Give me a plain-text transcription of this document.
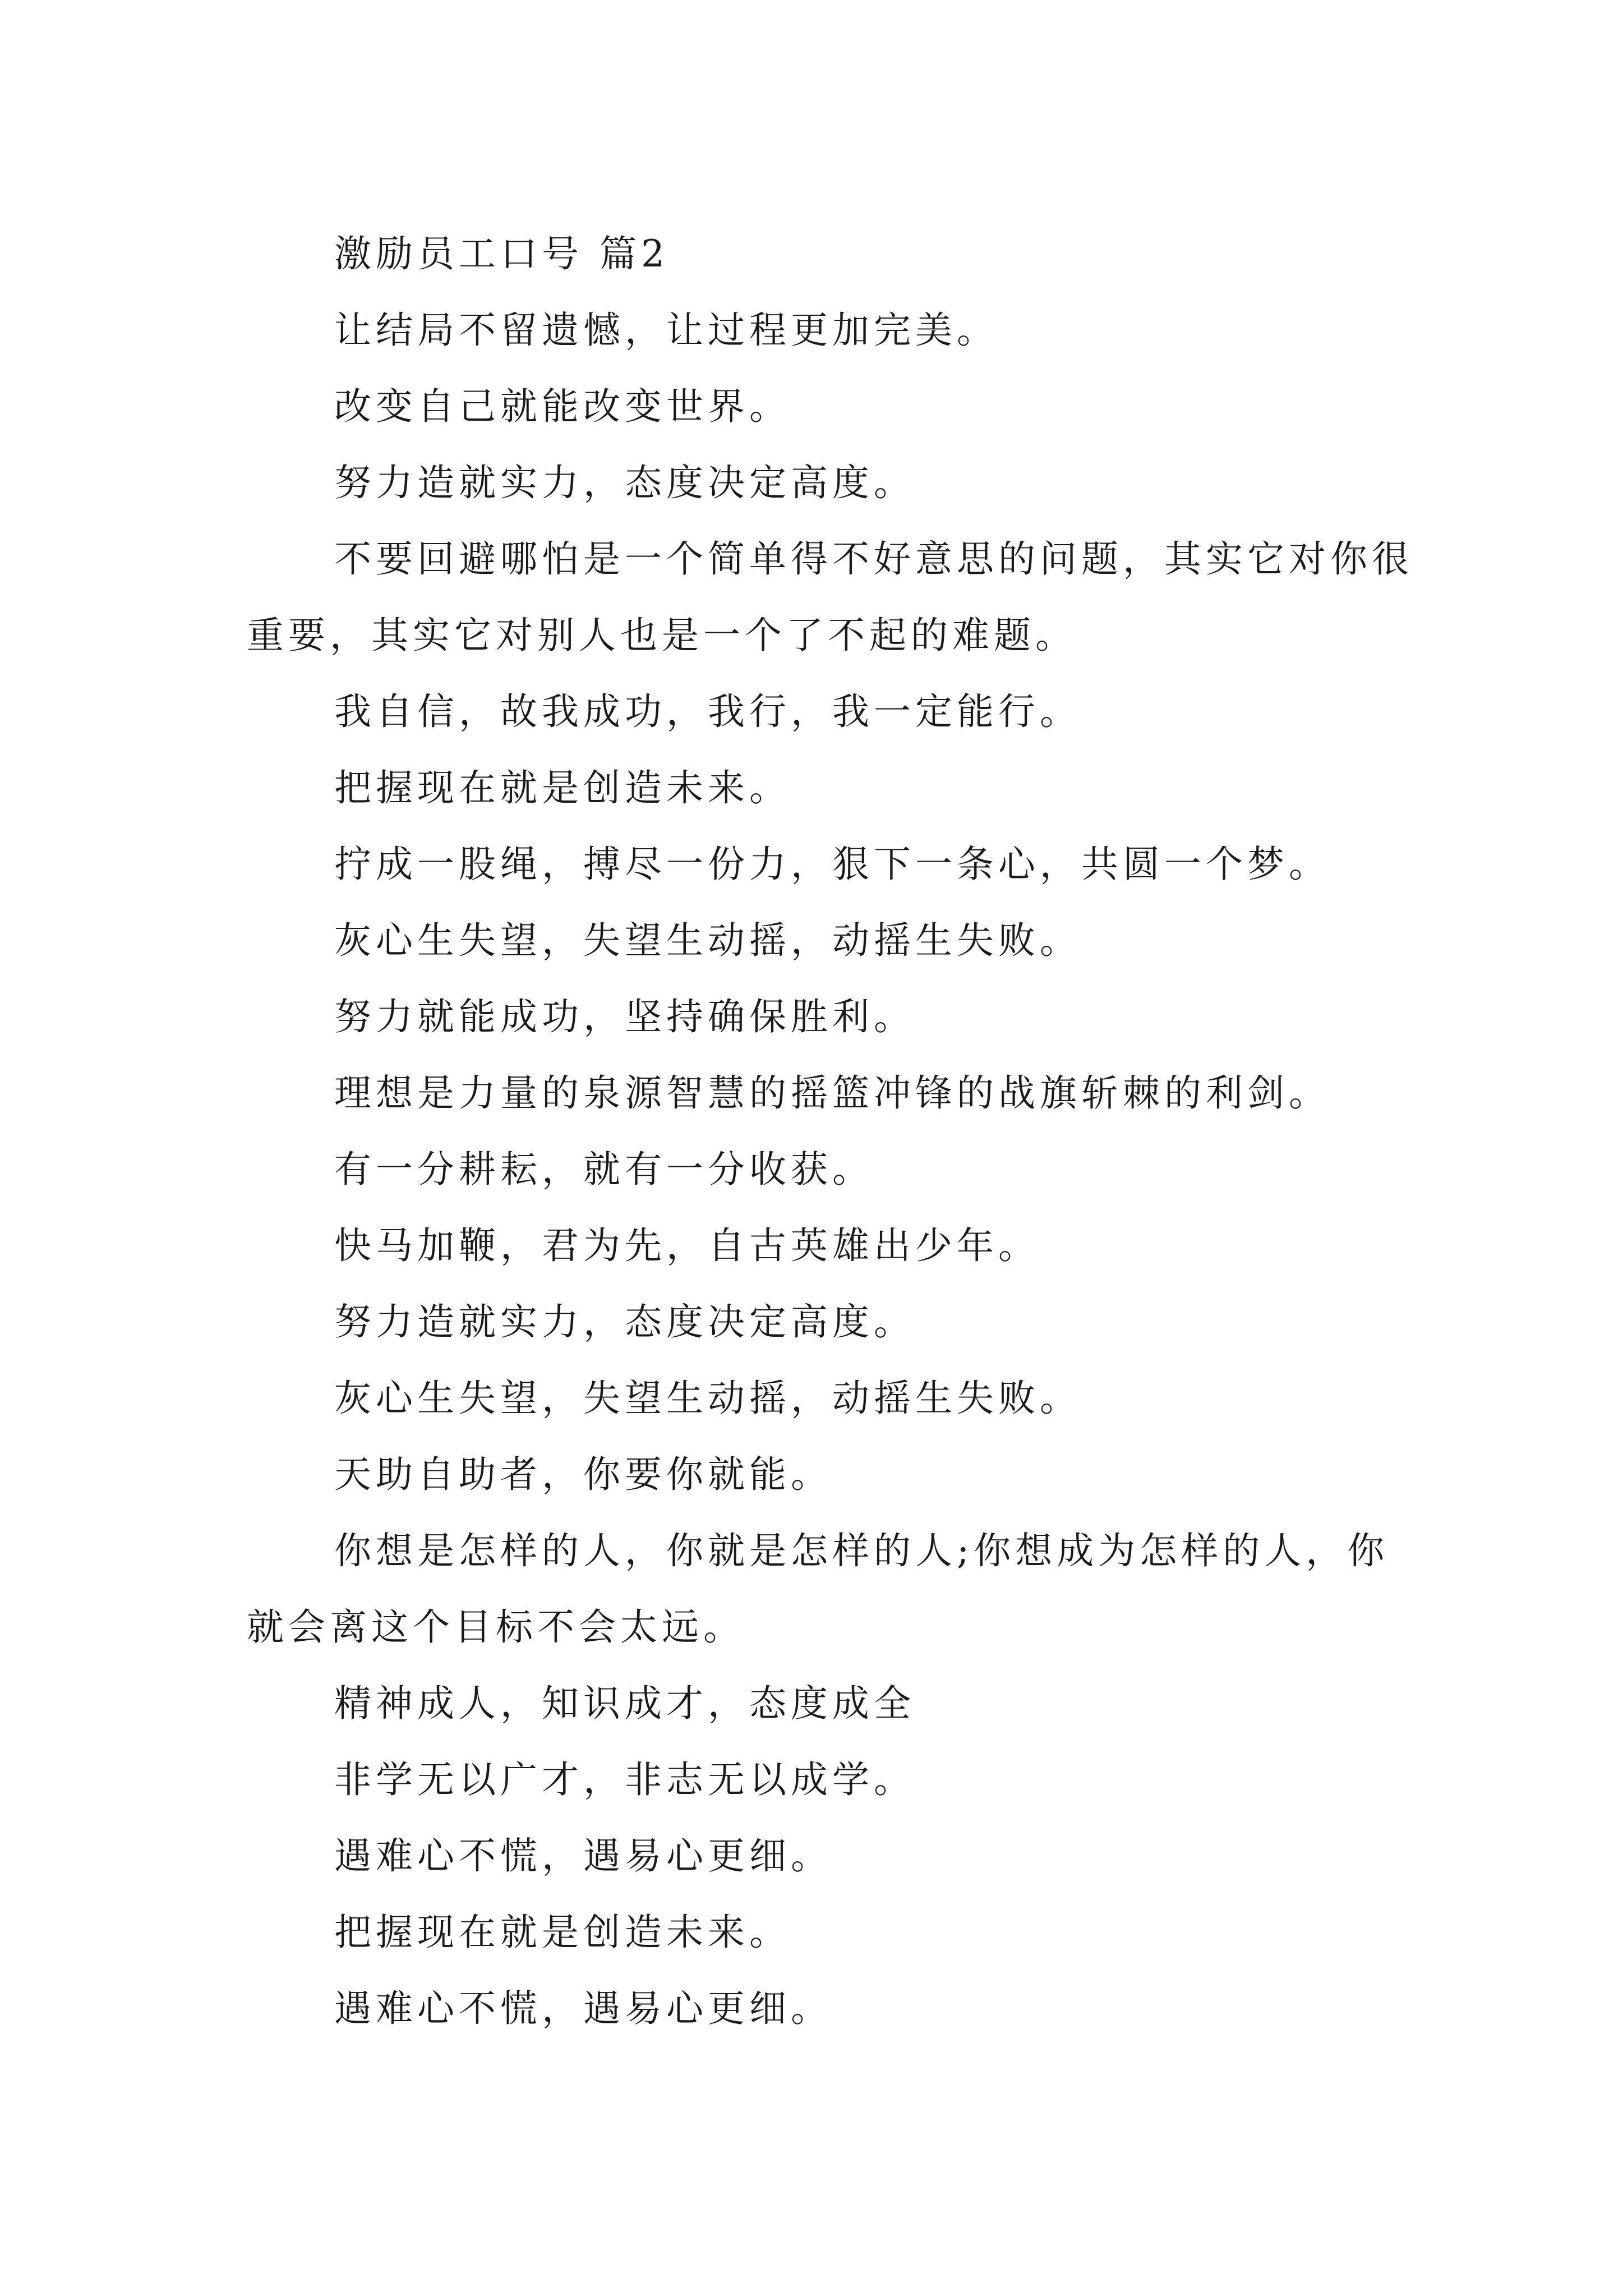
激励员工口号 篇2

让结局不留遗憾，让过程更加完美。

改变自己就能改变世界。

努力造就实力，态度决定高度。

不要回避哪怕是一个简单得不好意思的问题，其实它对你很重要，其实它对别人也是一个了不起的难题。

我自信，故我成功，我行，我一定能行。

把握现在就是创造未来。

拧成一股绳，搏尽一份力，狠下一条心，共圆一个梦。

灰心生失望，失望生动摇，动摇生失败。

努力就能成功，坚持确保胜利。

理想是力量的泉源智慧的摇篮冲锋的战旗斩棘的利剑。

有一分耕耘，就有一分收获。

快马加鞭，君为先，自古英雄出少年。

努力造就实力，态度决定高度。

灰心生失望，失望生动摇，动摇生失败。

天助自助者，你要你就能。

你想是怎样的人，你就是怎样的人;你想成为怎样的人，你就会离这个目标不会太远。

精神成人，知识成才，态度成全

非学无以广才，非志无以成学。

遇难心不慌，遇易心更细。

把握现在就是创造未来。

遇难心不慌，遇易心更细。
